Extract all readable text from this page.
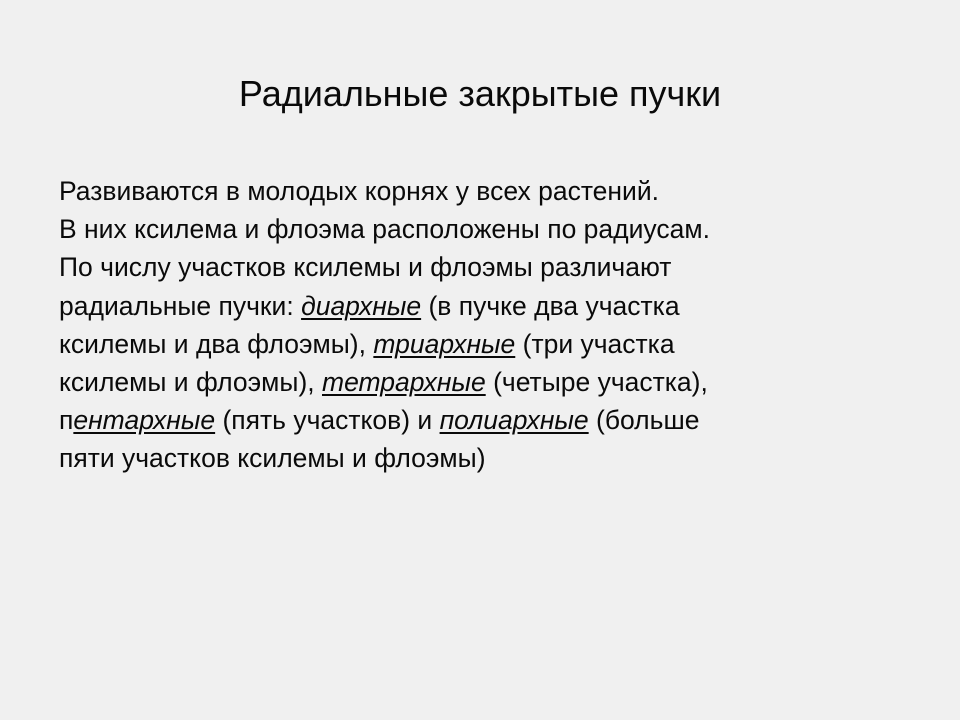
Радиальные закрытые пучки
Развиваются в молодых корнях у всех растений.
В них ксилема и флоэма расположены по радиусам.
По числу участков ксилемы и флоэмы различают
радиальные пучки: диархные (в пучке два участка
ксилемы и два флоэмы), триархные (три участка
ксилемы и флоэмы), тетрархные (четыре участка),
пентархные (пять участков) и полиархные (больше
пяти участков ксилемы и флоэмы)
